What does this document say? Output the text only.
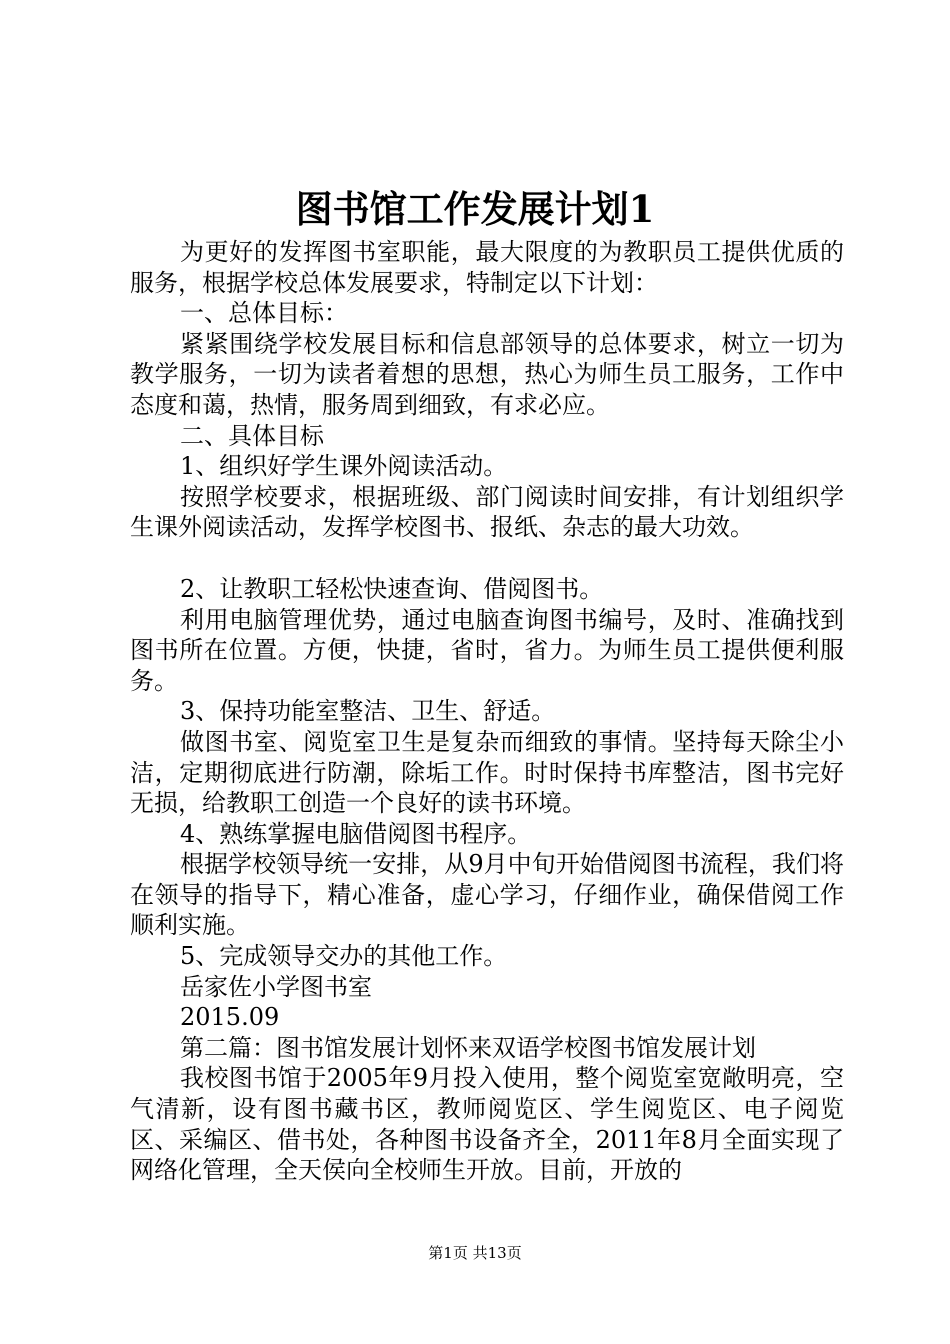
图书馆工作发展计划1

为更好的发挥图书室职能，最大限度的为教职员工提供优质的服务，根据学校总体发展要求，特制定以下计划：

一、总体目标：

紧紧围绕学校发展目标和信息部领导的总体要求，树立一切为教学服务，一切为读者着想的思想，热心为师生员工服务，工作中态度和蔼，热情，服务周到细致，有求必应。

二、具体目标

1、组织好学生课外阅读活动。

按照学校要求，根据班级、部门阅读时间安排，有计划组织学生课外阅读活动，发挥学校图书、报纸、杂志的最大功效。

2、让教职工轻松快速查询、借阅图书。

利用电脑管理优势，通过电脑查询图书编号，及时、准确找到图书所在位置。方便，快捷，省时，省力。为师生员工提供便利服务。

3、保持功能室整洁、卫生、舒适。

做图书室、阅览室卫生是复杂而细致的事情。坚持每天除尘小洁，定期彻底进行防潮，除垢工作。时时保持书库整洁，图书完好无损，给教职工创造一个良好的读书环境。

4、熟练掌握电脑借阅图书程序。

根据学校领导统一安排，从9月中旬开始借阅图书流程，我们将在领导的指导下，精心准备，虚心学习，仔细作业，确保借阅工作顺利实施。

5、完成领导交办的其他工作。

岳家佐小学图书室

2015.09

第二篇：图书馆发展计划怀来双语学校图书馆发展计划

我校图书馆于2005年9月投入使用，整个阅览室宽敞明亮，空气清新，设有图书藏书区，教师阅览区、学生阅览区、电子阅览区、采编区、借书处，各种图书设备齐全，2011年8月全面实现了网络化管理，全天侯向全校师生开放。目前，开放的

第1页 共13页
